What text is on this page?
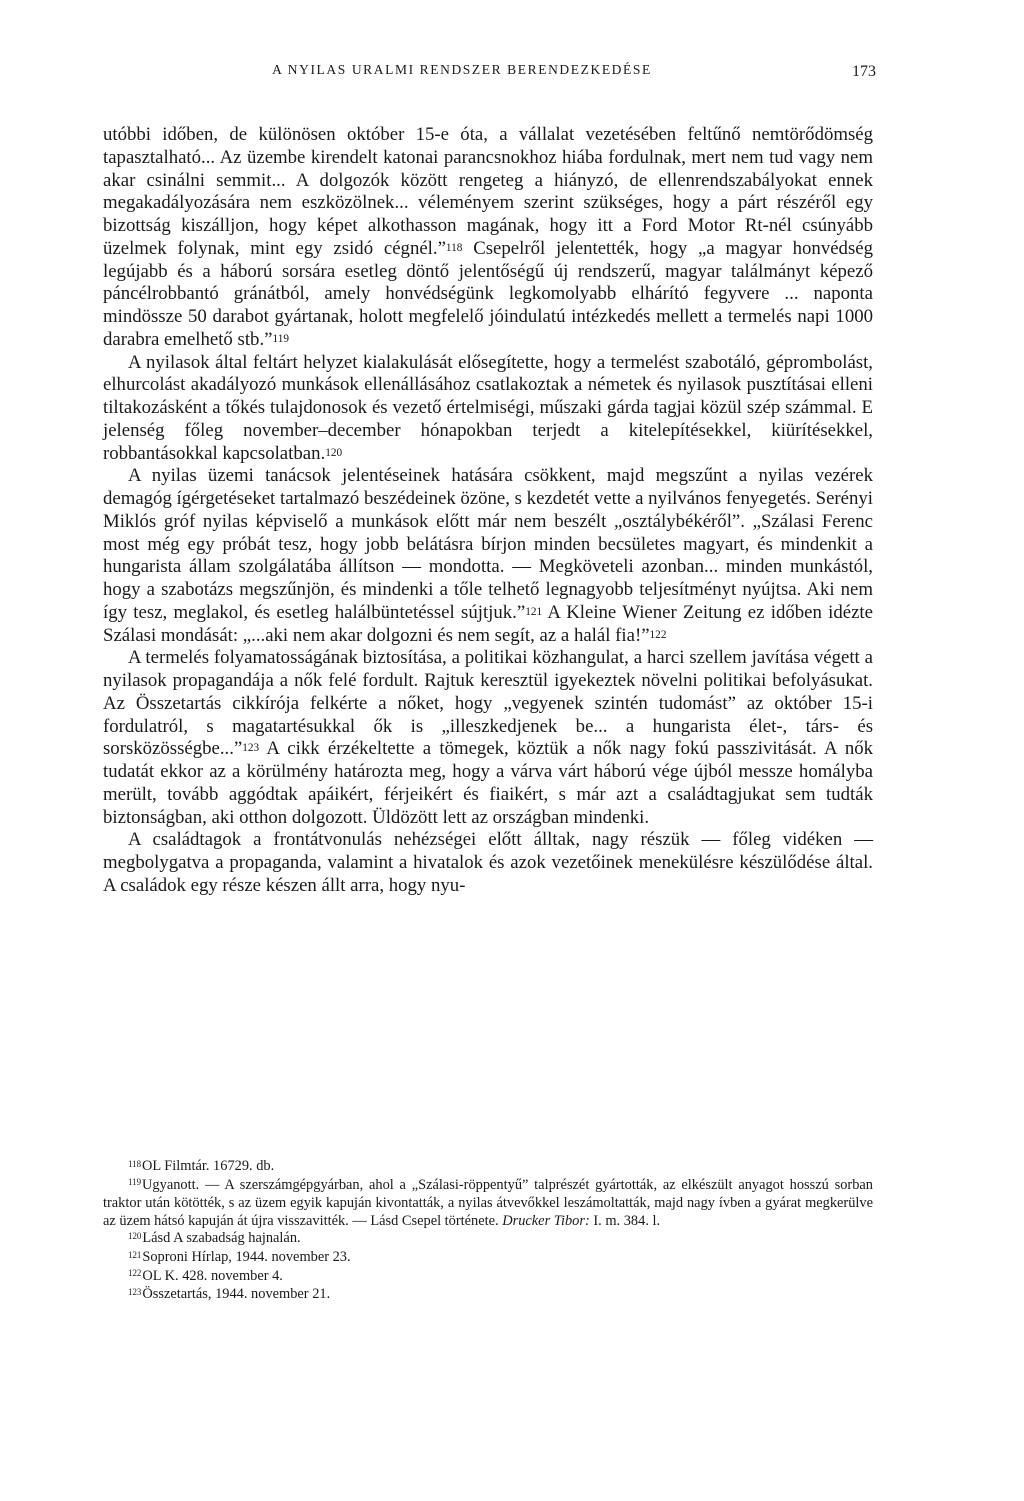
A NYILAS URALMI RENDSZER BERENDEZKEDÉSE	173

utóbbi időben, de különösen október 15-e óta, a vállalat vezetésében feltűnő nemtörődömség tapasztalható... Az üzembe kirendelt katonai parancsnokhoz hiába fordulnak, mert nem tud vagy nem akar csinálni semmit... A dolgozók között rengeteg a hiányzó, de ellenrendszabályokat ennek megakadályozására nem eszközölnek... véleményem szerint szükséges, hogy a párt részéről egy bizottság kiszálljon, hogy képet alkothasson magának, hogy itt a Ford Motor Rt-nél csúnyább üzelmek folynak, mint egy zsidó cégnél.”$^{118}$ Csepelről jelentették, hogy „a magyar honvédség legújabb és a háború sorsára esetleg döntő jelentőségű új rendszerű, magyar találmányt képező páncélrobbantó gránátból, amely honvédségünk legkomolyabb elhárító fegyvere ... naponta mindössze 50 darabot gyártanak, holott megfelelő jóindulatú intézkedés mellett a termelés napi 1000 darabra emelhető stb.”$^{119}$

A nyilasok által feltárt helyzet kialakulását elősegítette, hogy a termelést szabotáló, géprombolást, elhurcolást akadályozó munkások ellenállásához csatlakoztak a németek és nyilasok pusztításai elleni tiltakozásként a tőkés tulajdonosok és vezető értelmiségi, műszaki gárda tagjai közül szép számmal. E jelenség főleg november–december hónapokban terjedt a kitelepítésekkel, kiürítésekkel, robbantásokkal kapcsolatban.$^{120}$

A nyilas üzemi tanácsok jelentéseinek hatására csökkent, majd megszűnt a nyilas vezérek demagóg ígérgetéseket tartalmazó beszédeinek özöne, s kezdetét vette a nyilvános fenyegetés. Serényi Miklós gróf nyilas képviselő a munkások előtt már nem beszélt „osztálybékéről”. „Szálasi Ferenc most még egy próbát tesz, hogy jobb belátásra bírjon minden becsületes magyart, és mindenkit a hungarista állam szolgálatába állítson — mondotta. — Megköveteli azonban... minden munkástól, hogy a szabotázs megszűnjön, és mindenki a tőle telhető legnagyobb teljesítményt nyújtsa. Aki nem így tesz, meglakol, és esetleg halálbüntetéssel sújtjuk.”$^{121}$ A Kleine Wiener Zeitung ez időben idézte Szálasi mondását: „...aki nem akar dolgozni és nem segít, az a halál fia!”$^{122}$

A termelés folyamatosságának biztosítása, a politikai közhangulat, a harci szellem javítása végett a nyilasok propagandája a nők felé fordult. Rajtuk keresztül igyekeztek növelni politikai befolyásukat. Az Összetartás cikkírója felkérte a nőket, hogy „vegyenek szintén tudomást” az október 15-i fordulatról, s magatartésukkal ők is „illeszkedjenek be... a hungarista élet-, társ- és sorsközösségbe...”$^{123}$ A cikk érzékeltette a tömegek, köztük a nők nagy fokú passzivitását. A nők tudatát ekkor az a körülmény határozta meg, hogy a várva várt háború vége újból messze homályba merült, tovább aggódtak apáikért, férjeikért és fiaikért, s már azt a családtagjukat sem tudták biztonságban, aki otthon dolgozott. Üldözött lett az országban mindenki.

A családtagok a frontátvonulás nehézségei előtt álltak, nagy részük — főleg vidéken — megbolygatva a propaganda, valamint a hivatalok és azok vezetőinek menekülésre készülődése által. A családok egy része készen állt arra, hogy nyu-

$^{118}$OL Filmtár. 16729. db.

$^{119}$Ugyanott. — A szerszámgépgyárban, ahol a „Szálasi-röppentyű” talprészét gyártották, az elkészült anyagot hosszú sorban traktor után kötötték, s az üzem egyik kapuján kivontatták, a nyilas átvevőkkel leszámoltatták, majd nagy ívben a gyárat megkerülve az üzem hátsó kapuján át újra visszavitték. — Lásd Csepel története. Drucker Tibor: I. m. 384. l.

$^{120}$Lásd A szabadság hajnalán.

$^{121}$Soproni Hírlap, 1944. november 23.

$^{122}$OL K. 428. november 4.

$^{123}$Összetartás, 1944. november 21.
